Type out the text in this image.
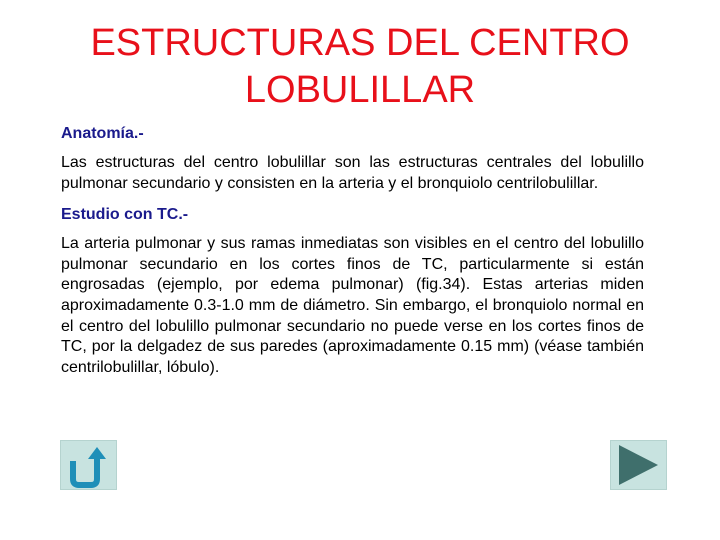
ESTRUCTURAS DEL CENTRO
LOBULILLAR
Anatomía.-
Las estructuras del centro lobulillar son las estructuras centrales del lobulillo pulmonar secundario y consisten en la arteria y el bronquiolo centrilobulillar.
Estudio con TC.-
La arteria pulmonar y sus ramas inmediatas son visibles en el centro del lobulillo pulmonar secundario en los cortes finos de TC, particularmente si están engrosadas (ejemplo, por edema pulmonar) (fig.34). Estas arterias miden aproximadamente 0.3-1.0 mm de diámetro. Sin embargo, el bronquiolo normal en el centro del lobulillo pulmonar secundario no puede verse en los cortes finos de TC, por la delgadez de sus paredes (aproximadamente 0.15 mm) (véase también centrilobulillar, lóbulo).
